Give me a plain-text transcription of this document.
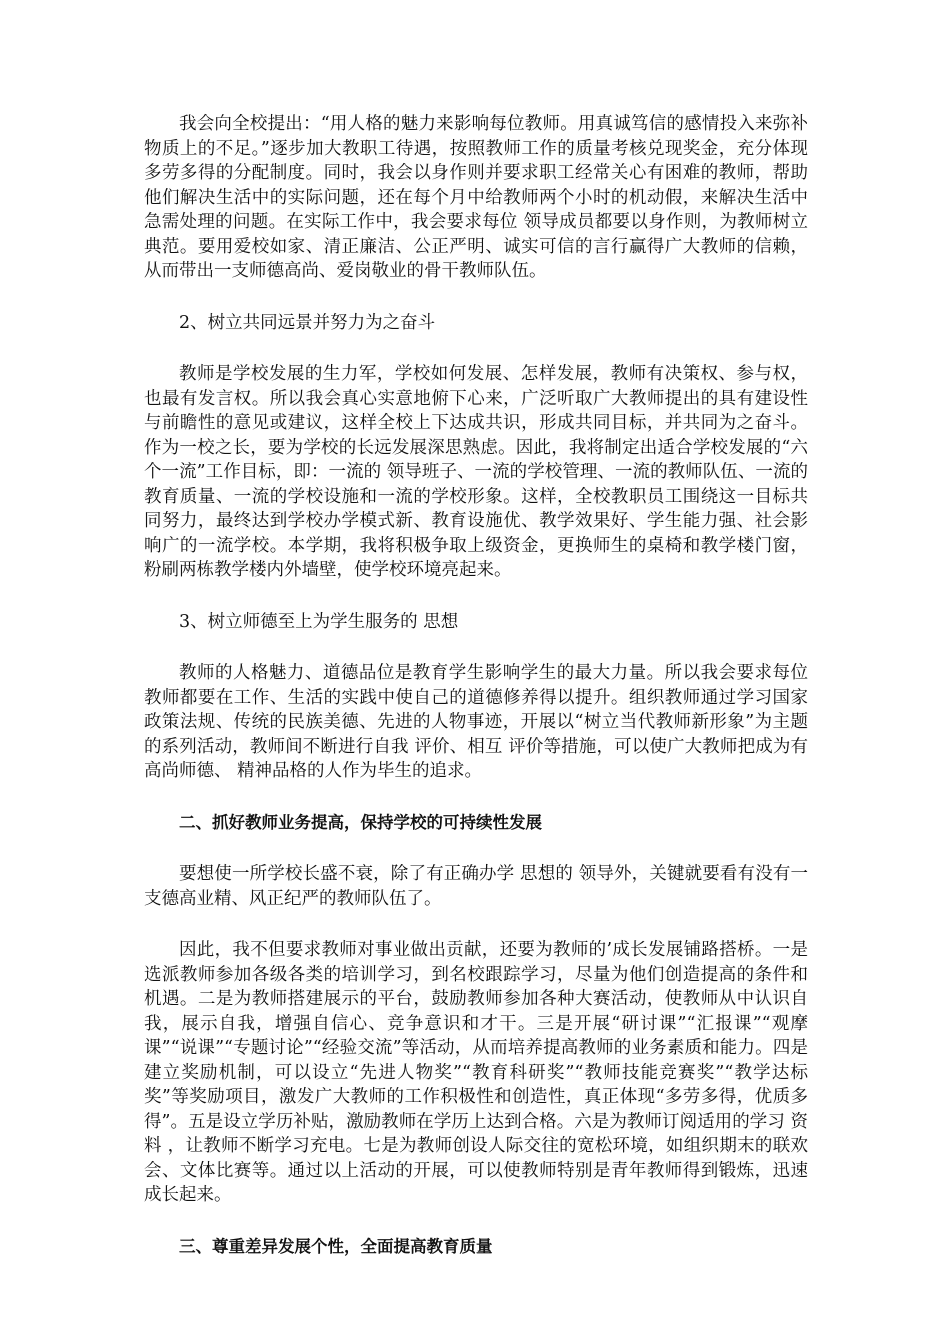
我会向全校提出：“用人格的魅力来影响每位教师。用真诚笃信的感情投入来弥补物质上的不足。”逐步加大教职工待遇，按照教师工作的质量考核兑现奖金，充分体现多劳多得的分配制度。同时，我会以身作则并要求职工经常关心有困难的教师，帮助他们解决生活中的实际问题，还在每个月中给教师两个小时的机动假，来解决生活中急需处理的问题。在实际工作中，我会要求每位 领导成员都要以身作则，为教师树立典范。要用爱校如家、清正廉洁、公正严明、诚实可信的言行赢得广大教师的信赖，从而带出一支师德高尚、爱岗敬业的骨干教师队伍。

2、树立共同远景并努力为之奋斗

教师是学校发展的生力军，学校如何发展、怎样发展，教师有决策权、参与权，也最有发言权。所以我会真心实意地俯下心来，广泛听取广大教师提出的具有建设性与前瞻性的意见或建议，这样全校上下达成共识，形成共同目标，并共同为之奋斗。作为一校之长，要为学校的长远发展深思熟虑。因此，我将制定出适合学校发展的“六个一流”工作目标，即：一流的 领导班子、一流的学校管理、一流的教师队伍、一流的教育质量、一流的学校设施和一流的学校形象。这样，全校教职员工围绕这一目标共同努力，最终达到学校办学模式新、教育设施优、教学效果好、学生能力强、社会影响广的一流学校。本学期，我将积极争取上级资金，更换师生的桌椅和教学楼门窗，粉刷两栋教学楼内外墙壁，使学校环境亮起来。

3、树立师德至上为学生服务的 思想

教师的人格魅力、道德品位是教育学生影响学生的最大力量。所以我会要求每位教师都要在工作、生活的实践中使自己的道德修养得以提升。组织教师通过学习国家政策法规、传统的民族美德、先进的人物事迹，开展以“树立当代教师新形象”为主题的系列活动，教师间不断进行自我 评价、相互 评价等措施，可以使广大教师把成为有高尚师德、 精神品格的人作为毕生的追求。

二、抓好教师业务提高，保持学校的可持续性发展

要想使一所学校长盛不衰，除了有正确办学 思想的 领导外，关键就要看有没有一支德高业精、风正纪严的教师队伍了。

因此，我不但要求教师对事业做出贡献，还要为教师的’成长发展铺路搭桥。一是选派教师参加各级各类的培训学习，到名校跟踪学习，尽量为他们创造提高的条件和机遇。二是为教师搭建展示的平台，鼓励教师参加各种大赛活动，使教师从中认识自我，展示自我，增强自信心、竞争意识和才干。三是开展“研讨课”“汇报课”“观摩课”“说课”“专题讨论”“经验交流”等活动，从而培养提高教师的业务素质和能力。四是建立奖励机制，可以设立“先进人物奖”“教育科研奖”“教师技能竞赛奖”“教学达标奖”等奖励项目，激发广大教师的工作积极性和创造性，真正体现“多劳多得，优质多得”。五是设立学历补贴，激励教师在学历上达到合格。六是为教师订阅适用的学习 资料 ，让教师不断学习充电。七是为教师创设人际交往的宽松环境，如组织期末的联欢会、文体比赛等。通过以上活动的开展，可以使教师特别是青年教师得到锻炼，迅速成长起来。

三、尊重差异发展个性，全面提高教育质量
